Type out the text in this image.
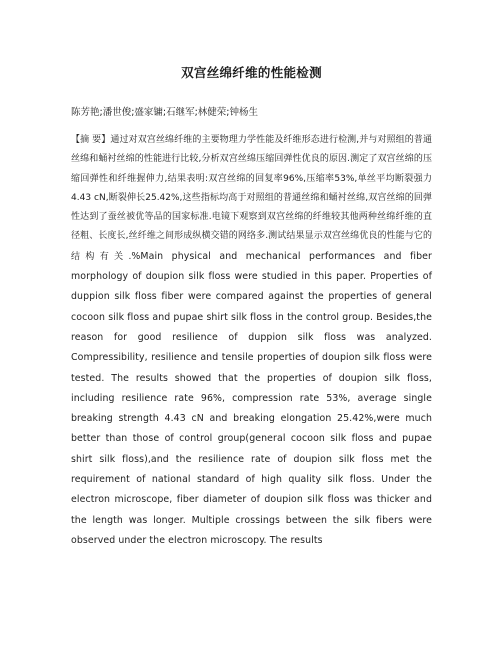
双宫丝绵纤维的性能检测
陈芳艳;潘世俊;盛家镛;石继军;林健荣;钟杨生
【摘 要】通过对双宫丝绵纤维的主要物理力学性能及纤维形态进行检测,并与对照组的普通丝绵和蛹衬丝绵的性能进行比较,分析双宫丝绵压缩回弹性优良的原因.测定了双宫丝绵的压缩回弹性和纤维握伸力,结果表明:双宫丝绵的回复率96%,压缩率53%,单丝平均断裂强力4.43 cN,断裂伸长25.42%,这些指标均高于对照组的普通丝绵和蛹衬丝绵,双宫丝绵的回弹性达到了蚕丝被优等品的国家标准.电镜下观察到双宫丝绵的纤维较其他两种丝绵纤维的直径粗、长度长,丝纤维之间形成纵横交错的网络多.测试结果显示双宫丝绵优良的性能与它的结构有关.%Main physical and mechanical performances and fiber morphology of doupion silk floss were studied in this paper. Properties of duppion silk floss fiber were compared against the properties of general cocoon silk floss and pupae shirt silk floss in the control group. Besides,the reason for good resilience of duppion silk floss was analyzed. Compressibility, resilience and tensile properties of doupion silk floss were tested. The results showed that the properties of doupion silk floss, including resilience rate 96%, compression rate 53%, average single breaking strength 4.43 cN and breaking elongation 25.42%,were much better than those of control group(general cocoon silk floss and pupae shirt silk floss),and the resilience rate of doupion silk floss met the requirement of national standard of high quality silk floss. Under the electron microscope, fiber diameter of doupion silk floss was thicker and the length was longer. Multiple crossings between the silk fibers were observed under the electron microscopy. The results
